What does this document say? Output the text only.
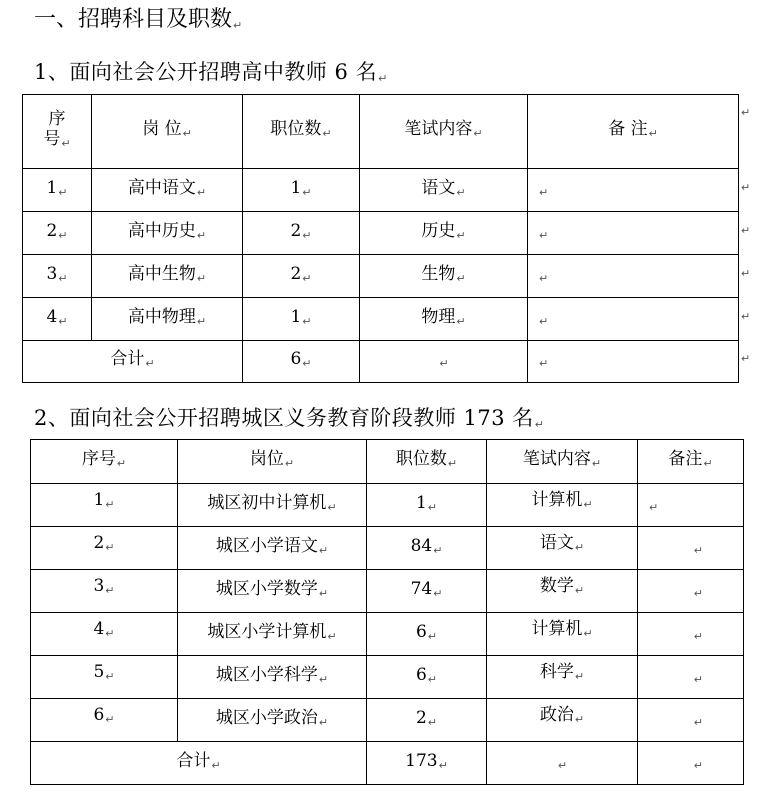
一、招聘科目及职数↵
1、面向社会公开招聘高中教师 6 名↵
序
号↵	岗 位↵	职位数↵	笔试内容↵	备 注↵
1↵	高中语文↵	1↵	语文↵	↵
2↵	高中历史↵	2↵	历史↵	↵
3↵	高中生物↵	2↵	生物↵	↵
4↵	高中物理↵	1↵	物理↵	↵
合计↵		6↵	↵	↵
↵
↵
↵
↵
↵
↵
2、面向社会公开招聘城区义务教育阶段教师 173 名↵
序号↵	岗位↵	职位数↵	笔试内容↵	备注↵
1↵	城区初中计算机↵	1↵	计算机↵	↵
2↵	城区小学语文↵	84↵	语文↵	↵
3↵	城区小学数学↵	74↵	数学↵	↵
4↵	城区小学计算机↵	6↵	计算机↵	↵
5↵	城区小学科学↵	6↵	科学↵	↵
6↵	城区小学政治↵	2↵	政治↵	↵
合计↵		173↵	↵	↵
